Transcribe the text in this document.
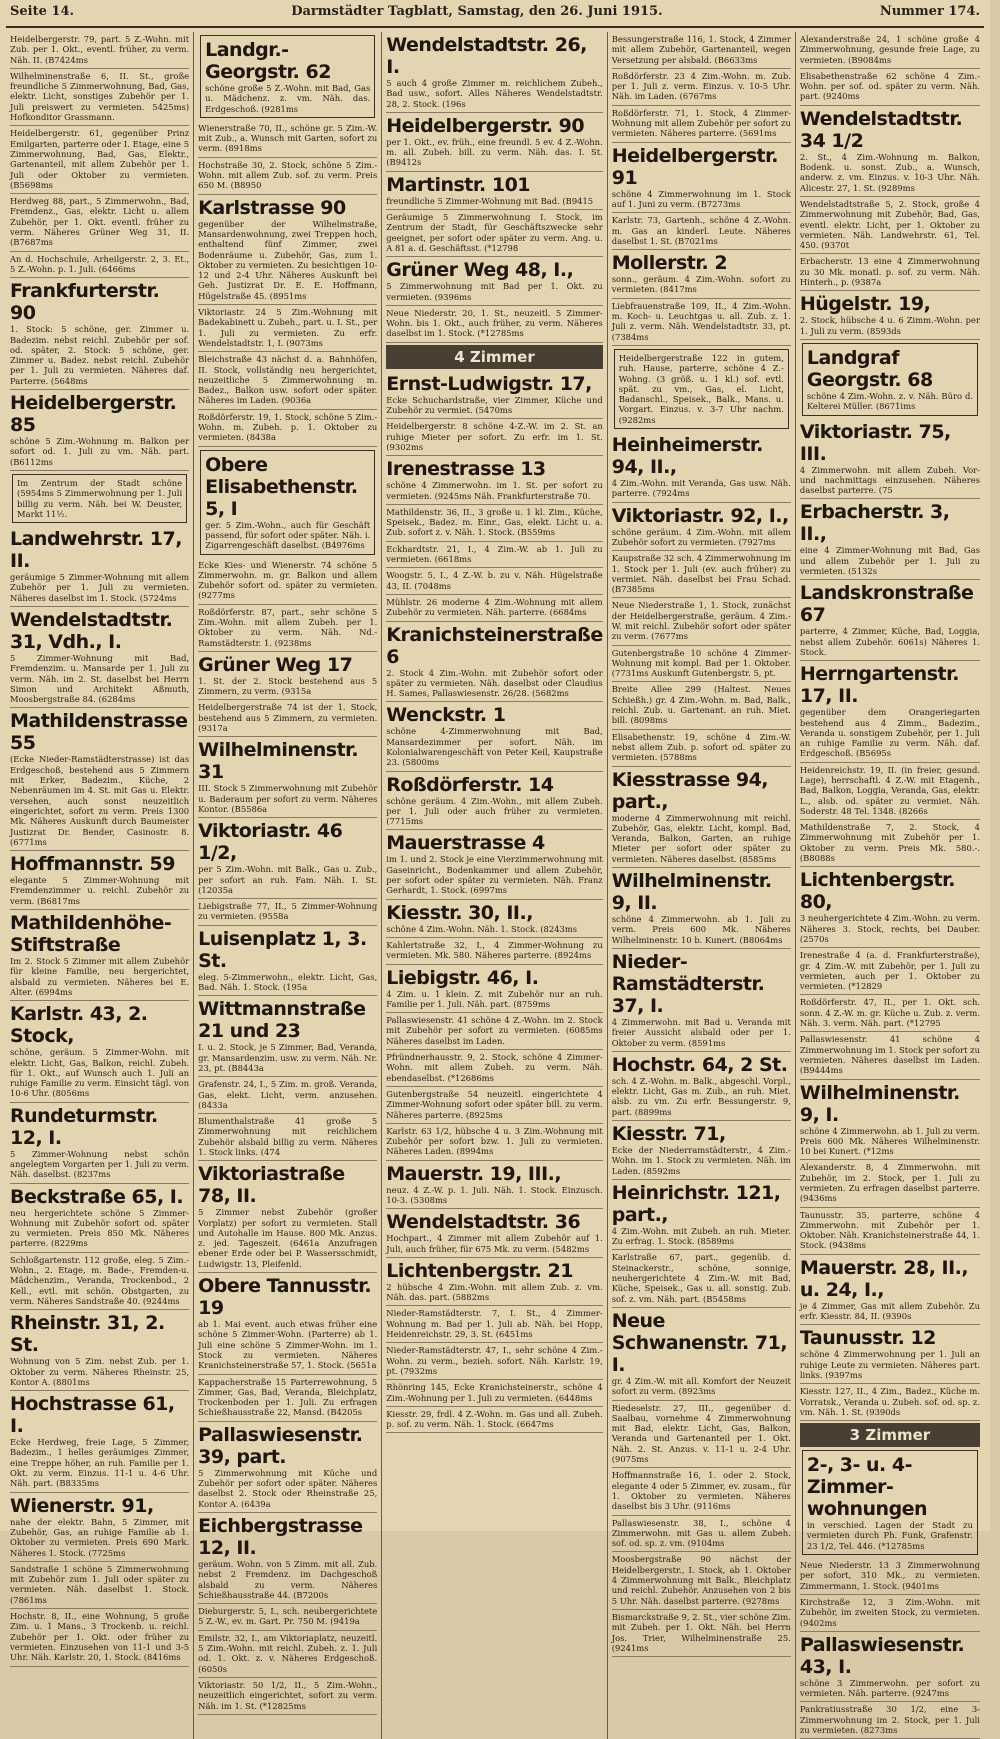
Seite 14.	Darmstädter Tagblatt, Samstag, den 26. Juni 1915.	Nummer 174.
Heidelbergerstr. 79, part. 5 Z.-Wohn. mit Zub. per 1. Okt., eventl. früher, zu verm. Näh. II. (B7424ms
Wilhelminenstraße 6, II. St., große freundliche 5 Zimmerwohnung, Bad, Gas, elektr. Licht, sonstiges Zubehör per 1. Juli preiswert zu vermieten. 5425ms) Hofkonditor Grassmann.
Heidelbergerstr. 61, gegenüber Prinz Emilgarten, parterre oder I. Etage, eine 5 Zimmerwohnung, Bad, Gas, Elektr., Gartenanteil, mit allem Zubehör per 1. Juli oder Oktober zu vermieten. (B5698ms
Herdweg 88, part., 5 Zimmerwohn., Bad, Fremdenz., Gas, elektr. Licht u. allem Zubehör, per 1. Okt. eventl. früher zu verm. Näheres Grüner Weg 31, II. (B7687ms
An d. Hochschule, Arheilgerstr. 2, 3. Et., 5 Z.-Wohn. p. 1. Juli. (6466ms
Frankfurterstr. 90
1. Stock: 5 schöne, ger. Zimmer u. Badezim. nebst reichl. Zubehör per sof. od. später, 2. Stock: 5 schöne, ger. Zimmer u. Badez. nebst reichl. Zubehör per 1. Juli zu vermieten. Näheres daf. Parterre. (5648ms
Heidelbergerstr. 85
schöne 5 Zim.-Wohnung m. Balkon per sofort od. 1. Juli zu vm. Näh. part. (B6112ms
Im Zentrum der Stadt schöne (5954ms 5 Zimmerwohnung per 1. Juli billig zu verm. Näh. bei W. Deuster, Markt 11½.
Landwehrstr. 17, II.
geräumige 5 Zimmer-Wohnung mit allem Zubehör per 1. Juli zu vermieten. Näheres daselbst im 1. Stock. (5724ms
Wendelstadtstr. 31, Vdh., I.
5 Zimmer-Wohnung mit Bad, Fremdenzim. u. Mansarde per 1. Juli zu verm. Näh. im 2. St. daselbst bei Herrn Simon und Architekt Aßmuth, Moosbergstraße 84. (6284ms
Mathildenstrasse 55
(Ecke Nieder-Ramstädterstrasse) ist das Erdgeschoß, bestehend aus 5 Zimmern mit Erker, Badezim., Küche, 2 Nebenräumen im 4. St. mit Gas u. Elektr. versehen, auch sonst neuzeitlich eingerichtet, sofort zu verm. Preis 1300 Mk. Näheres Auskunft durch Baumeister Justizrat Dr. Bender, Casinostr. 8. (6771ms
Hoffmannstr. 59
elegante 5 Zimmer-Wohnung mit Fremdenzimmer u. reichl. Zubehör zu verm. (B6817ms
Mathildenhöhe-Stiftstraße
Im 2. Stock 5 Zimmer mit allem Zubehör für kleine Familie, neu hergerichtet, alsbald zu vermieten. Näheres bei E. Alter. (6994ms
Karlstr. 43, 2. Stock,
schöne, geräum. 5 Zimmer-Wohn. mit elektr. Licht, Gas, Balkon, reichl. Zubeh. für 1. Okt., auf Wunsch auch 1. Juli an ruhige Familie zu verm. Einsicht tägl. von 10-6 Uhr. (8056ms
Rundeturmstr. 12, I.
5 Zimmer-Wohnung nebst schön angelegtem Vorgarten per 1. Juli zu verm. Näh. daselbst. (8237ms
Beckstraße 65, I.
neu hergerichtete schöne 5 Zimmer-Wohnung mit Zubehör sofort od. später zu vermieten. Preis 850 Mk. Näheres parterre. (8229ms
Schloßgartenstr. 112 große, eleg. 5 Zim.-Wohn., 2. Etage, m. Bade-, Fremden-u. Mädchenzim., Veranda, Trockenbod., 2 Kell., evtl. mit schön. Obstgarten, zu verm. Näheres Sandstraße 40. (9244ms
Rheinstr. 31, 2. St.
Wohnung von 5 Zim. nebst Zub. per 1. Oktober zu verm. Näheres Rheinstr. 25, Kontor A. (8801ms
Hochstrasse 61, I.
Ecke Herdweg, freie Lage, 5 Zimmer, Badezim., 1 helles geräumiges Zimmer, eine Treppe höher, an ruh. Familie per 1. Okt. zu verm. Einzus. 11-1 u. 4-6 Uhr. Näh. part. (B8335ms
Wienerstr. 91,
nahe der elektr. Bahn, 5 Zimmer, mit Zubehör, Gas, an ruhige Familie ab 1. Oktober zu vermieten. Preis 690 Mark. Näheres 1. Stock. (7725ms
Sandstraße 1 schöne 5 Zimmerwohnung mit Zubehör zum 1. Juli oder später zu vermieten. Näh. daselbst 1. Stock. (7861ms
Hochstr. 8, II., eine Wohnung, 5 große Zim. u. 1 Mans., 3 Trockenb. u. reichl. Zubehör per 1. Okt. oder früher zu vermieten. Einzusehen von 11-1 und 3-5 Uhr. Näh. Karlstr. 20, 1. Stock. (8416ms
Landgr.-Georgstr. 62
schöne große 5 Z.-Wohn. mit Bad, Gas u. Mädchenz. z. vm. Näh. das. Erdgeschoß. (9281ms
Wienerstraße 70, II., schöne gr. 5 Zim.-W. mit Zub., a. Wunsch mit Garten, sofort zu verm. (8918ms
Hochstraße 30, 2. Stock, schöne 5 Zim.-Wohn. mit allem Zub. sof. zu verm. Preis 650 M. (B8950
Karlstrasse 90
gegenüber der Wilhelmstraße, Mansardenwohnung, zwei Treppen hoch, enthaltend fünf Zimmer, zwei Bodenräume u. Zubehör, Gas, zum 1. Oktober zu vermieten. Zu besichtigen 10-12 und 2-4 Uhr. Näheres Auskunft bei Geh. Justizrat Dr. E. E. Hoffmann, Hügelstraße 45. (8951ms
Viktoriastr. 24 5 Zim.-Wohnung mit Badekabinett u. Zubeh., part. u. I. St., per 1. Juli zu vermieten. Zu erfr. Wendelstadtstr. 1, I. (9073ms
Bleichstraße 43 nächst d. a. Bahnhöfen, II. Stock, vollständig neu hergerichtet, neuzeitliche 5 Zimmerwohnung m. Badez., Balkon usw. sofort oder später. Näheres im Laden. (9036a
Roßdörferstr. 19, 1. Stock, schöne 5 Zim.-Wohn. m. Zubeh. p. 1. Oktober zu vermieten. (8438a
Obere Elisabethenstr. 5, I
ger. 5 Zim.-Wohn., auch für Geschäft passend, für sofort oder später. Näh. i. Zigarrengeschäft daselbst. (B4976ms
Ecke Kies- und Wienerstr. 74 schöne 5 Zimmerwohn. m. gr. Balkon und allem Zubehör sofort od. später zu vermieten. (9277ms
Roßdörferstr. 87, part., sehr schöne 5 Zim.-Wohn. mit allem Zubeh. per 1. Oktober zu verm. Näh. Nd.-Ramstädterstr. 1. (9238ms
Grüner Weg 17
1. St. der 2. Stock bestehend aus 5 Zimmern, zu verm. (9315a
Heidelbergerstraße 74 ist der 1. Stock, bestehend aus 5 Zimmern, zu vermieten. (9317a
Wilhelminenstr. 31
III. Stock 5 Zimmerwohnung mit Zubehör u. Baderaum per sofort zu verm. Näheres Kontor. (B5586a
Viktoriastr. 46 1/2,
per 5 Zim.-Wohn. mit Balk., Gas u. Zub., per sofort an ruh. Fam. Näh. I. St. (12035a
Liebigstraße 77, II., 5 Zimmer-Wohnung zu vermieten. (9558a
Luisenplatz 1, 3. St.
eleg. 5-Zimmerwohn., elektr. Licht, Gas, Bad. Näh. 1. Stock. (195a
Wittmannstraße 21 und 23
I. u. 2. Stock, je 5 Zimmer, Bad, Veranda, gr. Mansardenzim. usw. zu verm. Näh. Nr. 23, pt. (B8443a
Grafenstr. 24, I., 5 Zim. m. groß. Veranda, Gas, elekt. Licht, verm. anzusehen. (8433a
Blumenthalstraße 41 große 5 Zimmerwohnung mit reichlichem Zubehör alsbald billig zu verm. Näheres 1. Stock links. (474
Viktoriastraße 78, II.
5 Zimmer nebst Zubehör (großer Vorplatz) per sofort zu vermieten. Stall und Autohalle im Hause. 800 Mk. Anzus. z. jed. Tageszeit. (6461a Anzufragen ebener Erde oder bei P. Wassersschmidt, Ludwigstr. 13, Pleifenld.
Obere Tannusstr. 19
ab 1. Mai event. auch etwas früher eine schöne 5 Zimmer-Wohn. (Parterre) ab 1. Juli eine schöne 5 Zimmer-Wohn. im 1. Stock zu vermieten. Näheres Kranichsteinerstraße 57, 1. Stock. (5651a
Kappacherstraße 15 Parterrewohnung, 5 Zimmer, Gas, Bad, Veranda, Bleichplatz, Trockenboden per 1. Juli. Zu erfragen Schießhausstraße 22, Mansd. (B4205s
Pallaswiesenstr. 39, part.
5 Zimmerwohnung mit Küche und Zubehör per sofort oder später. Näheres daselbst 2. Stock oder Rheinstraße 25, Kontor A. (6439a
Eichbergstrasse 12, II.
geräum. Wohn. von 5 Zimm. mit all. Zub. nebst 2 Fremdenz. im Dachgeschoß alsbald zu verm. Näheres Schießhausstraße 44. (B7200s
Dieburgerstr. 5, I., sch. neubergerichtete 5 Z.-W., ev. m. Gart. Pr. 750 M. (9419a
Emilstr. 32, I., am Viktoriaplatz, neuzeitl. 5 Zim.-Wohn. mit reichl. Zubeh. z. 1. Juli od. 1. Okt. z. v. Näheres Erdgeschoß. (6050s
Viktoriastr. 50 1/2, II., 5 Zim.-Wohn., neuzeitlich eingerichtet, sofort zu verm. Näh. im 1. St. (*12825ms
Wendelstadtstr. 26, I.
5 auch 4 große Zimmer m. reichlichem Zubeh., Bad usw., sofort. Alles Näheres Wendelstadtstr. 28, 2. Stock. (196s
Heidelbergerstr. 90
per 1. Okt., ev. früh., eine freundl. 5 ev. 4 Z.-Wohn. m. all. Zubeh. bill. zu verm. Näh. das. I. St. (B9412s
Martinstr. 101
freundliche 5 Zimmer-Wohnung mit Bad. (B9415
Geräumige 5 Zimmerwohnung I. Stock, im Zentrum der Stadt, für Geschäftszwecke sehr geeignet, per sofort oder später zu verm. Ang. u. A 81 a. d. Geschäftsst. (*12798
Grüner Weg 48, I.,
5 Zimmerwohnung mit Bad per 1. Okt. zu vermieten. (9396ms
Neue Niederstr. 20, 1. St., neuzeitl. 5 Zimmer-Wohn. bis 1. Okt., auch früher, zu verm. Näheres daselbst im 1. Stock. (*12785ms
4 Zimmer
Ernst-Ludwigstr. 17,
Ecke Schuchardstraße, vier Zimmer, Küche und Zubehör zu vermiet. (5470ms
Heidelbergerstr. 8 schöne 4-Z.-W. im 2. St. an ruhige Mieter per sofort. Zu erfr. im 1. St. (9302ms
Irenestrasse 13
schöne 4 Zimmerwohn. im 1. St. per sofort zu vermieten. (9245ms Näh. Frankfurterstraße 70.
Mathildenstr. 36, II., 3 große u. 1 kl. Zim., Küche, Speisek., Badez. m. Einr., Gas, elekt. Licht u. a. Zub. sofort z. v. Näh. 1. Stock. (B559ms
Eckhardtstr. 21, I., 4 Zim.-W. ab 1. Juli zu vermieten. (6618ms
Woogstr. 5, I., 4 Z.-W. b. zu v. Näh. Hügelstraße 43, II. (7048ms
Mühlstr. 26 moderne 4 Zim.-Wohnung mit allem Zubehör zu vermieten. Näh. parterre. (6684ms
Kranichsteinerstraße 6
2. Stock 4 Zim.-Wohn. mit Zubehör sofort oder später zu vermieten. Näh. daselbst oder Claudius H. Sames, Pallaswiesenstr. 26/28. (5682ms
Wenckstr. 1
schöne 4-Zimmerwohnung mit Bad, Mansardezimmer per sofort. Näh. im Kolonialwarengeschäft von Peter Keil, Kaupstraße 23. (5800ms
Roßdörferstr. 14
schöne geräum. 4 Zim.-Wohn., mit allem Zubeh. per 1. Juli oder auch früher zu vermieten. (7715ms
Mauerstrasse 4
im 1. und 2. Stock je eine Vierzimmerwohnung mit Gaseinricht., Bodenkammer und allem Zubehör, per sofort oder später zu vermieten. Näh. Franz Gerhardt, 1. Stock. (6997ms
Kiesstr. 30, II.,
schöne 4 Zim.-Wohn. Näh. 1. Stock. (8243ms
Kahlertstraße 32, I., 4 Zimmer-Wohnung zu vermieten. Mk. 580. Näheres parterre. (8924ms
Liebigstr. 46, I.
4 Zim. u. 1 klein. Z. mit Zubehör nur an ruh. Familie per 1. Juli. Näh. part. (8759ms
Pallaswiesenstr. 41 schöne 4 Z.-Wohn. im 2. Stock mit Zubehör per sofort zu vermieten. (6085ms Näheres daselbst im Laden.
Pfründnerhausstr. 9, 2. Stock, schöne 4 Zimmer-Wohn. mit allem Zubeh. zu verm. Näh. ebendaselbst. (*12686ms
Gutenbergstraße 54 neuzeitl. eingerichtete 4 Zimmer-Wohnung sofort oder später bill. zu verm. Näheres parterre. (8925ms
Karlstr. 63 1/2, hübsche 4 u. 3 Zim.-Wohnung mit Zubehör per sofort bzw. 1. Juli zu vermieten. Näheres Laden. (8994ms
Mauerstr. 19, III.,
neuz. 4 Z.-W. p. 1. Juli. Näh. 1. Stock. Einzusch. 10-3. (5308ms
Wendelstadtstr. 36
Hochpart., 4 Zimmer mit allem Zubehör auf 1. Juli, auch früher, für 675 Mk. zu verm. (5482ms
Lichtenbergstr. 21
2 hübsche 4 Zim.-Wohn. mit allem Zub. z. vm. Näh. das. part. (5882ms
Nieder-Ramstädterstr. 7, I. St., 4 Zimmer-Wohnung m. Bad per 1. Juli ab. Näh. bei Hopp, Heidenreichstr. 29, 3. St. (6451ms
Nieder-Ramstädterstr. 47, I., sehr schöne 4 Zim.-Wohn. zu verm., bezieh. sofort. Näh. Karlstr. 19, pt. (7932ms
Rhönring 145, Ecke Kranichsteinerstr., schöne 4 Zim.-Wohnung per 1. Juli zu vermieten. (6448ms
Kiesstr. 29, frdl. 4 Z.-Wohn. m. Gas und all. Zubeh. p. sof. zu verm. Näh. 1. Stock. (6647ms
Bessungerstraße 116, 1. Stock, 4 Zimmer mit allem Zubehör, Gartenanteil, wegen Versetzung per alsbald. (B6633ms
Roßdörferstr. 23 4 Zim.-Wohn. m. Zub. per 1. Juli z. verm. Einzus. v. 10-5 Uhr. Näh. im Laden. (6767ms
Roßdörferstr. 71, 1. Stock, 4 Zimmer-Wohnung mit allem Zubehör per sofort zu vermieten. Näheres parterre. (5691ms
Heidelbergerstr. 91
schöne 4 Zimmerwohnung im 1. Stock auf 1. Juni zu verm. (B7273ms
Karlstr. 73, Gartenh., schöne 4 Z.-Wohn. m. Gas an kinderl. Leute. Näheres daselbst 1. St. (B7021ms
Mollerstr. 2
sonn., geräum. 4 Zim.-Wohn. sofort zu vermieten. (8417ms
Liebfrauenstraße 109, II., 4 Zim.-Wohn. m. Koch- u. Leuchtgas u. all. Zub. z. 1. Juli z. verm. Näh. Wendelstadtstr. 33, pt. (7384ms
Heidelbergerstraße 122 in gutem, ruh. Hause, parterre, schöne 4 Z.-Wohng. (3 größ. u. 1 kl.) sof. evtl. spät. zu vm., Gas, el. Licht, Badanschl., Speisek., Balk., Mans. u. Vorgart. Einzus. v. 3-7 Uhr nachm. (9282ms
Heinheimerstr. 94, II.,
4 Zim.-Wohn. mit Veranda, Gas usw. Näh. parterre. (7924ms
Viktoriastr. 92, I.,
schöne geräum. 4 Zim.-Wohn. mit allem Zubehör sofort zu vermieten. (7927ms
Kaupstraße 32 sch. 4 Zimmerwohnung im 1. Stock per 1. Juli (ev. auch früher) zu vermiet. Näh. daselbst bei Frau Schad. (B7385ms
Neue Niederstraße 1, 1. Stock, zunächst der Heidelbergerstraße, geräum. 4 Zim.-W. mit reichl. Zubehör sofort oder später zu verm. (7677ms
Gutenbergstraße 10 schöne 4 Zimmer-Wohnung mit kompl. Bad per 1. Oktober. (7731ms Auskunft Gutenbergstr. 5, pt.
Breite Allee 299 (Haltest. Neues Schießh.) gr. 4 Zim.-Wohn. m. Bad, Balk., reichl. Zub. u. Gartenant. an ruh. Miet. bill. (8098ms
Elisabethenstr. 19, schöne 4 Zim.-W. nebst allem Zub. p. sofort od. später zu vermieten. (5788ms
Kiesstrasse 94, part.,
moderne 4 Zimmerwohnung mit reichl. Zubehör, Gas, elektr. Licht, kompl. Bad, Veranda, Balkon, Garten, an ruhige Mieter per sofort oder später zu vermieten. Näheres daselbst. (8585ms
Wilhelminenstr. 9, II.
schöne 4 Zimmerwohn. ab 1. Juli zu verm. Preis 600 Mk. Näheres Wilhelminenstr. 10 b. Kunert. (B8064ms
Nieder-Ramstädterstr. 37, I.
4 Zimmerwohn. mit Bad u. Veranda mit freier Aussicht alsbald oder per 1. Oktober zu verm. (8591ms
Hochstr. 64, 2 St.
sch. 4 Z.-Wohn. m. Balk., abgeschl. Vorpl., elektr. Licht, Gas m. Zub., an ruh. Miet. alsb. zu vm. Zu erfr. Bessungerstr. 9, part. (8899ms
Kiesstr. 71,
Ecke der Niederramstädterstr., 4 Zim.-Wohn. im 1. Stock zu vermieten. Näh. im Laden. (8592ms
Heinrichstr. 121, part.,
4 Zim.-Wohn. mit Zubeh. an ruh. Mieter. Zu erfrag. 1. Stock. (8589ms
Karlstraße 67, part., gegenüb. d. Steinackerstr., schöne, sonnige, neuhergerichtete 4 Zim.-W. mit Bad, Küche, Speisek., Gas u. all. sonstig. Zub. sof. z. vm. Näh. part. (B5458ms
Neue Schwanenstr. 71, I.
gr. 4 Zim.-W. mit all. Komfort der Neuzeit sofort zu verm. (8923ms
Riedeselstr. 27, III., gegenüber d. Saalbau, vornehme 4 Zimmerwohnung mit Bad, elektr. Licht, Gas, Balkon, Veranda und Gartenanteil per 1. Okt. Näh. 2. St. Anzus. v. 11-1 u. 2-4 Uhr. (9075ms
Hoffmannstraße 16, 1. oder 2. Stock, elegante 4 oder 5 Zimmer, ev. zusam., für 1. Oktober zu vermieten. Näheres daselbst bis 3 Uhr. (9116ms
Pallaswiesenstr. 38, I., schöne 4 Zimmerwohn. mit Gas u. allem Zubeh. sof. od. sp. z. vm. (9104ms
Moosbergstraße 90 nächst der Heidelbergerstr., I. Stock, ab 1. Oktober 4 Zimmerwohnung mit Balk., Bleichplatz und reichl. Zubehör. Anzusehen von 2 bis 5 Uhr. Näh. daselbst parterre. (9278ms
Bismarckstraße 9, 2. St., vier schöne Zim. mit Zubeh. per 1. Okt. Näh. bei Herrn Jos. Trier, Wilhelminenstraße 25. (9241ms
Alexanderstraße 24, 1 schöne große 4 Zimmerwohnung, gesunde freie Lage, zu vermieten. (B9084ms
Elisabethenstraße 62 schöne 4 Zim.-Wohn. per sof. od. später zu verm. Näh. part. (9240ms
Wendelstadtstr. 34 1/2
2. St., 4 Zim.-Wohnung m. Balkon, Bodenk. u. sonst. Zub., a. Wunsch, anderw. z. vm. Einzus. v. 10-3 Uhr. Näh. Alicestr. 27, 1. St. (9289ms
Wendelstadtstraße 5, 2. Stock, große 4 Zimmerwohnung mit Zubehör, Bad, Gas, eventl. elektr. Licht, per 1. Oktober zu vermieten. Näh. Landwehrstr. 61, Tel. 450. (9370t
Erbacherstr. 13 eine 4 Zimmerwohnung zu 30 Mk. monatl. p. sof. zu verm. Näh. Hinterh., p. (9387a
Hügelstr. 19,
2. Stock, hübsche 4 u. 6 Zimm.-Wohn. per 1. Juli zu verm. (8593ds
Landgraf Georgstr. 68
schöne 4 Zim.-Wohn. z. v. Näh. Büro d. Kelterei Müller. (8671ims
Viktoriastr. 75, III.
4 Zimmerwohn. mit allem Zubeh. Vor- und nachmittags einzusehen. Näheres daselbst parterre. (75
Erbacherstr. 3, II.,
eine 4 Zimmer-Wohnung mit Bad, Gas und allem Zubehör per 1. Juli zu vermieten. (5132s
Landskronstraße 67
parterre, 4 Zimmer, Küche, Bad, Loggia, nebst allem Zubehör. 6061s) Näheres 1. Stock.
Herrngartenstr. 17, II.
gegenüber dem Orangeriegarten bestehend aus 4 Zimm., Badezim., Veranda u. sonstigem Zubehör, per 1. Juli an ruhige Familie zu verm. Näh. daf. Erdgeschoß. (B5695s
Heidenreichstr. 19, II. (in freier, gesund. Lage), herrschaftl. 4 Z.-W. mit Etagenh., Bad, Balkon, Loggia, Veranda, Gas, elektr. L., alsb. od. später zu vermiet. Näh. Soderstr. 48 Tel. 1348. (8266s
Mathildenstraße 7, 2. Stock, 4 Zimmerwohnung mit Zubehör per 1. Oktober zu verm. Preis Mk. 580.-. (B8088s
Lichtenbergstr. 80,
3 neuhergerichtete 4 Zim.-Wohn. zu verm. Näheres 3. Stock, rechts, bei Dauber. (2570s
Irenestraße 4 (a. d. Frankfurterstraße), gr. 4 Zim.-W. mit Zubehör, per 1. Juli zu vermieten, auch per 1. Oktober zu vermieten. (*12829
Roßdörferstr. 47, II., per 1. Okt. sch. sonn. 4 Z.-W. m. gr. Küche u. Zub. z. verm. Näh. 3. verm. Näh. part. (*12795
Pallaswiesenstr. 41 schöne 4 Zimmerwohnung im 1. Stock per sofort zu vermieten. Näheres daselbst im Laden. (B9444ms
Wilhelminenstr. 9, I.
schöne 4 Zimmerwohn. ab 1. Juli zu verm. Preis 600 Mk. Näheres Wilhelminenstr. 10 bei Kunert. (*12ms
Alexanderstr. 8, 4 Zimmerwohn. mit Zubehör, im 2. Stock, per 1. Juli zu vermieten. Zu erfragen daselbst parterre. (9436ms
Taunusstr. 35, parterre, schöne 4 Zimmerwohn. mit Zubehör per 1. Oktober. Näh. Kranichsteinerstraße 44, 1. Stock. (9438ms
Mauerstr. 28, II., u. 24, I.,
je 4 Zimmer, Gas mit allem Zubehör. Zu erfr. Kiesstr. 84, II. (9390s
Taunusstr. 12
schöne 4 Zimmerwohnung per 1. Juli an ruhige Leute zu vermieten. Näheres part. links. (9397ms
Kiesstr. 127, II., 4 Zim., Badez., Küche m. Vorratsk., Veranda u. Zubeh. sof. od. sp. z. vm. Näh. 1. St. (9390ds
3 Zimmer
2-, 3- u. 4-Zimmer-wohnungen
in verschied. Lagen der Stadt zu vermieten durch Ph. Funk, Grafenstr. 23 1/2, Tel. 446. (*12785ms
Neue Niederstr. 13 3 Zimmerwohnung per sofort, 310 Mk., zu vermieten. Zimmermann, 1. Stock. (9401ms
Kirchstraße 12, 3 Zim.-Wohn. mit Zubehör, im zweiten Stock, zu vermieten. (9402ms
Pallaswiesenstr. 43, I.
schöne 3 Zimmerwohn. per sofort zu vermieten. Näh. parterre. (9247ms
Pankratiusstraße 30 1/2, eine 3-Zimmerwohnung im 2. Stock, per 1. Juli zu vermieten. (8273ms
